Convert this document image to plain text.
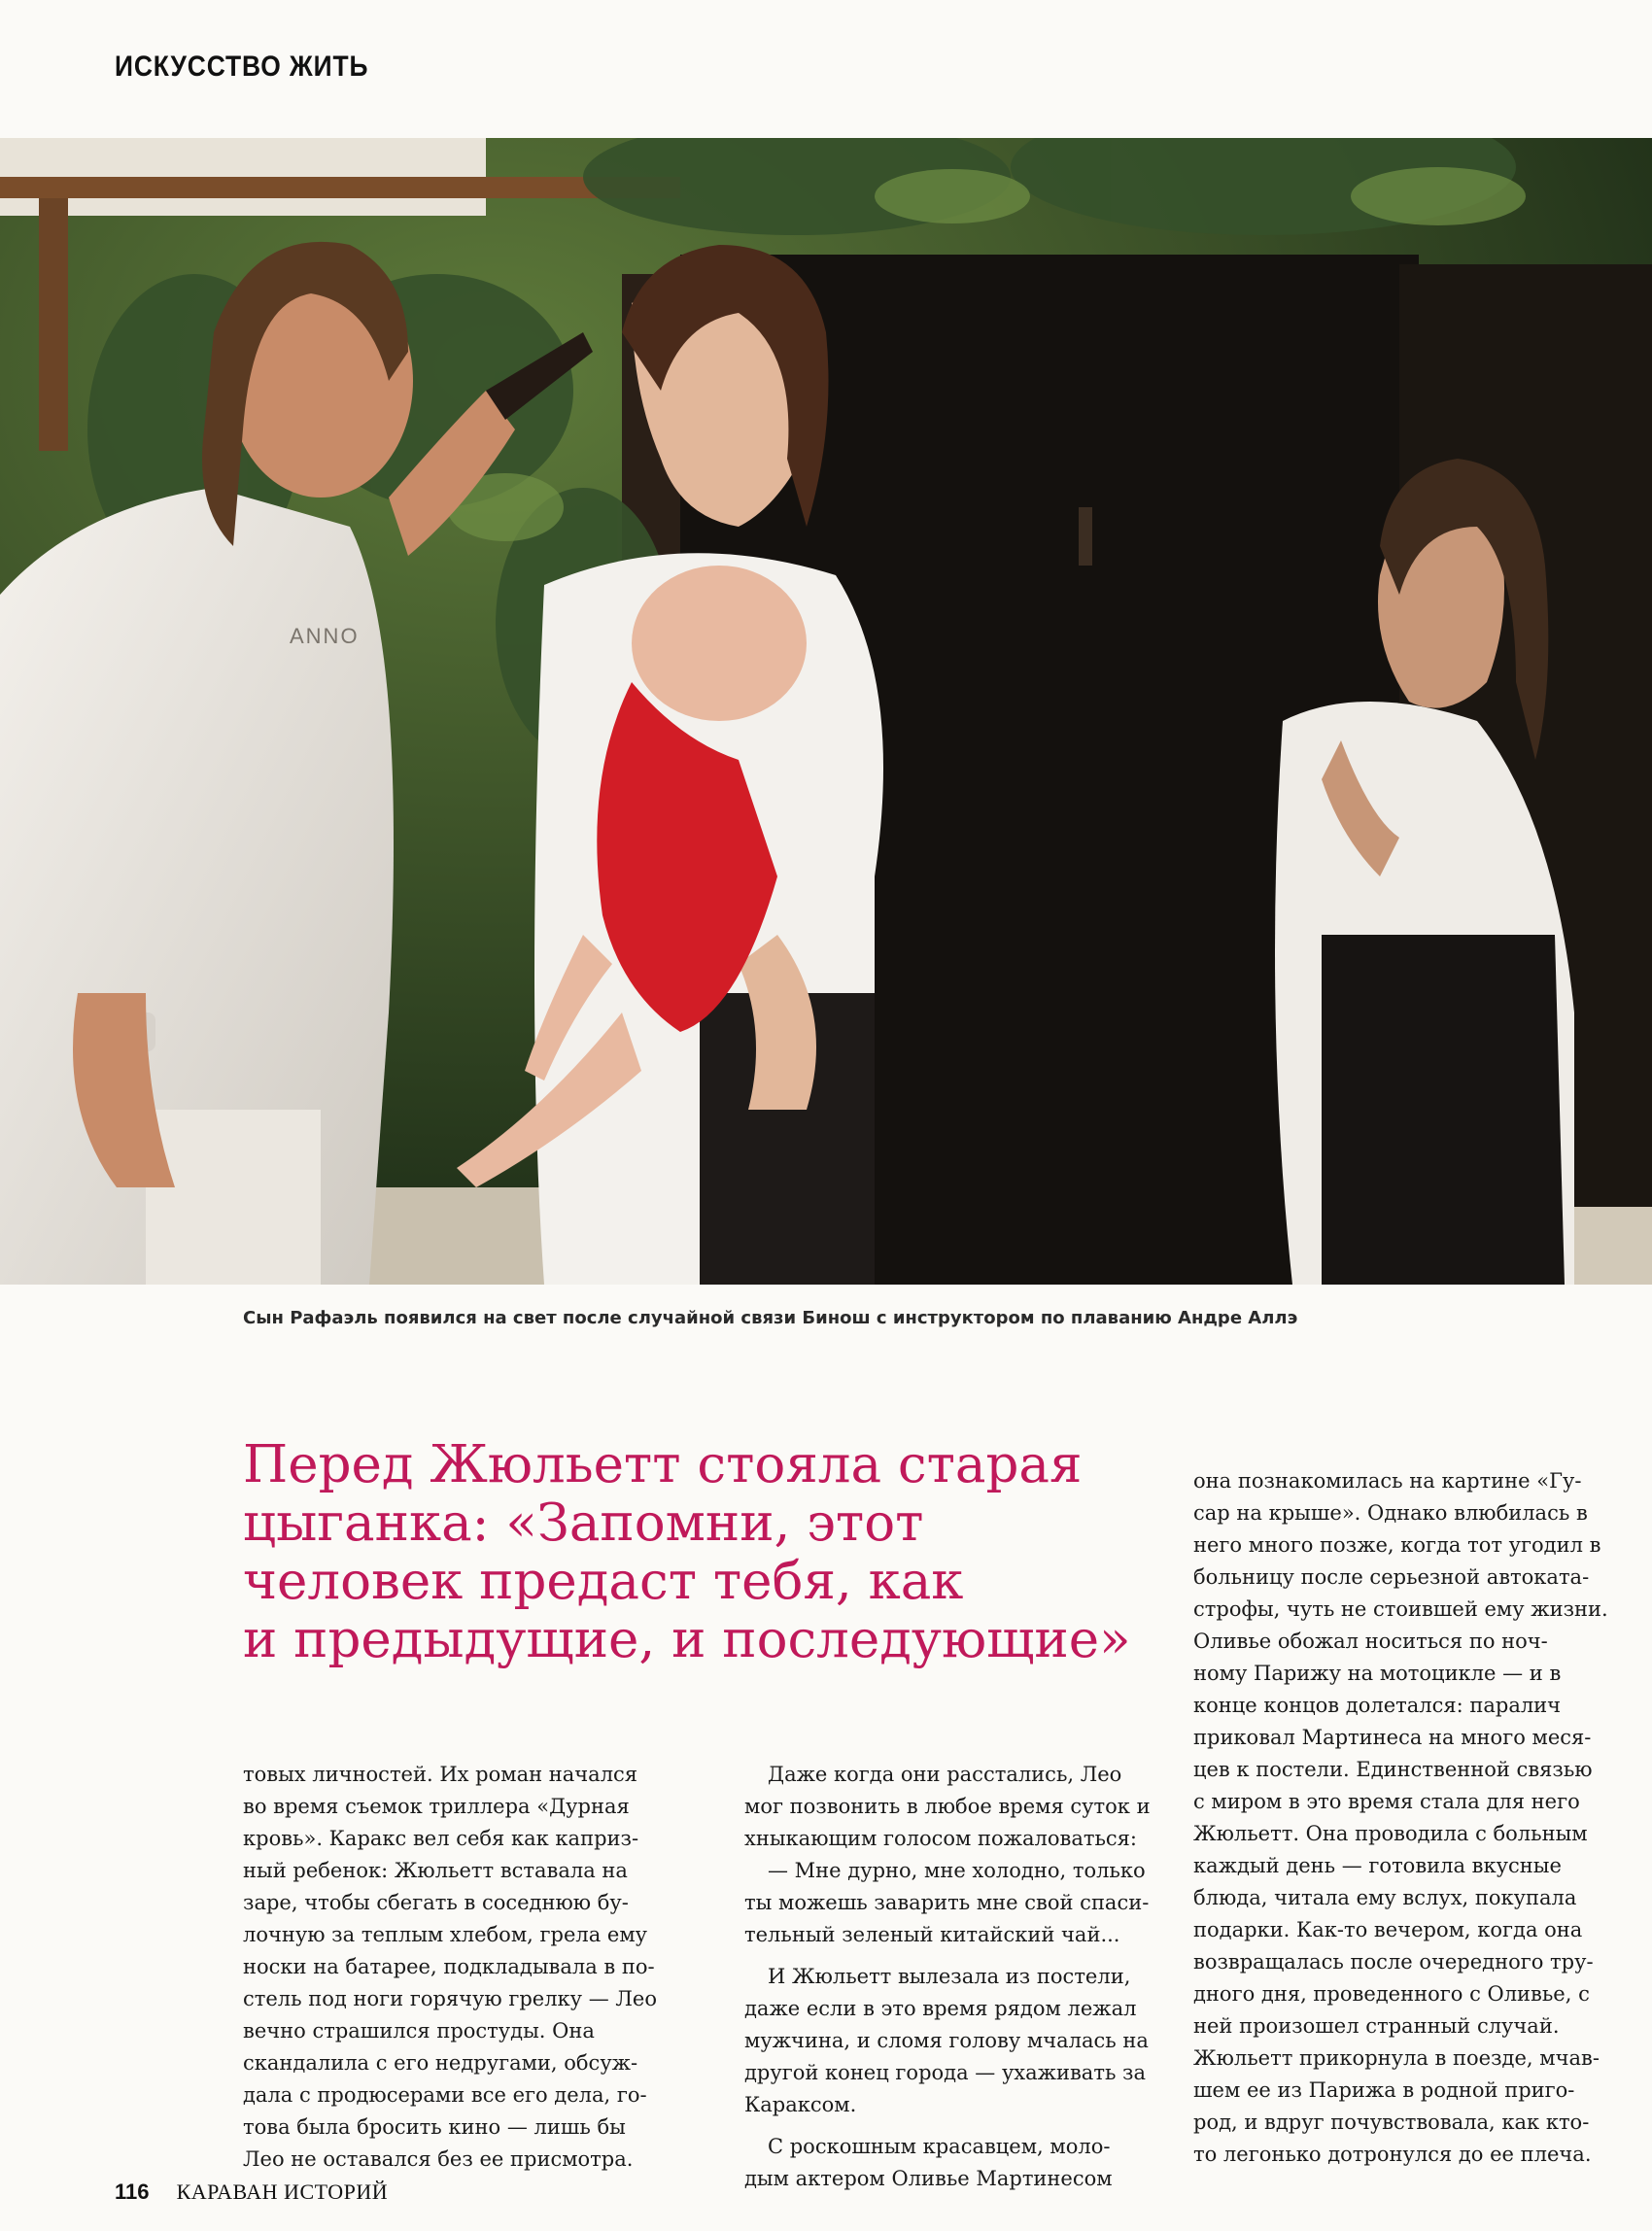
ИСКУССТВО ЖИТЬ
ANNO
Сын Рафаэль появился на свет после случайной связи Бинош с инструктором по плаванию Андре Аллэ
Перед Жюльетт стояла старая
цыганка: «Запомни, этот
человек предаст тебя, как
и предыдущие, и последующие»
товых личностей. Их роман начался
во время съемок триллера «Дурная
кровь». Каракс вел себя как каприз-
ный ребенок: Жюльетт вставала на
заре, чтобы сбегать в соседнюю бу-
лочную за теплым хлебом, грела ему
носки на батарее, подкладывала в по-
стель под ноги горячую грелку — Лео
вечно страшился простуды. Она
скандалила с его недругами, обсуж-
дала с продюсерами все его дела, го-
това была бросить кино — лишь бы
Лео не оставался без ее присмотра.
Даже когда они расстались, Лео
мог позвонить в любое время суток и
хныкающим голосом пожаловаться:
— Мне дурно, мне холодно, только
ты можешь заварить мне свой спаси-
тельный зеленый китайский чай...
И Жюльетт вылезала из постели,
даже если в это время рядом лежал
мужчина, и сломя голову мчалась на
другой конец города — ухаживать за
Караксом.
С роскошным красавцем, моло-
дым актером Оливье Мартинесом
она познакомилась на картине «Гу-
сар на крыше». Однако влюбилась в
него много позже, когда тот угодил в
больницу после серьезной автоката-
строфы, чуть не стоившей ему жизни.
Оливье обожал носиться по ноч-
ному Парижу на мотоцикле — и в
конце концов долетался: паралич
приковал Мартинеса на много меся-
цев к постели. Единственной связью
с миром в это время стала для него
Жюльетт. Она проводила с больным
каждый день — готовила вкусные
блюда, читала ему вслух, покупала
подарки. Как-то вечером, когда она
возвращалась после очередного тру-
дного дня, проведенного с Оливье, с
ней произошел странный случай.
Жюльетт прикорнула в поезде, мчав-
шем ее из Парижа в родной приго-
род, и вдруг почувствовала, как кто-
то легонько дотронулся до ее плеча.
116 КАРАВАН ИСТОРИЙ
